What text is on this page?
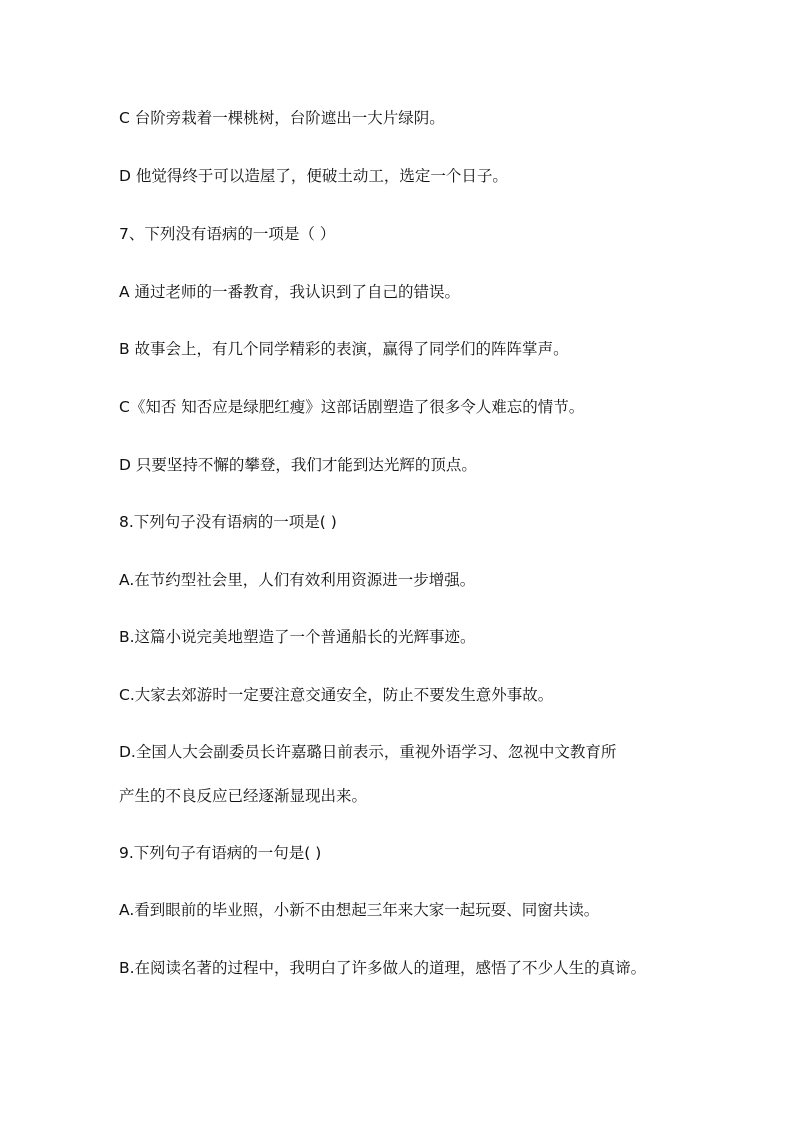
C 台阶旁栽着一棵桃树，台阶遮出一大片绿阴。
D 他觉得终于可以造屋了，便破土动工，选定一个日子。
7、下列没有语病的一项是（ ）
A 通过老师的一番教育，我认识到了自己的错误。
B 故事会上，有几个同学精彩的表演，赢得了同学们的阵阵掌声。
C《知否 知否应是绿肥红瘦》这部话剧塑造了很多令人难忘的情节。
D 只要坚持不懈的攀登，我们才能到达光辉的顶点。
8.下列句子没有语病的一项是( )
A.在节约型社会里，人们有效利用资源进一步增强。
B.这篇小说完美地塑造了一个普通船长的光辉事迹。
C.大家去郊游时一定要注意交通安全，防止不要发生意外事故。
D.全国人大会副委员长许嘉璐日前表示，重视外语学习、忽视中文教育所
产生的不良反应已经逐渐显现出来。
9.下列句子有语病的一句是( )
A.看到眼前的毕业照，小新不由想起三年来大家一起玩耍、同窗共读。
B.在阅读名著的过程中，我明白了许多做人的道理，感悟了不少人生的真谛。
